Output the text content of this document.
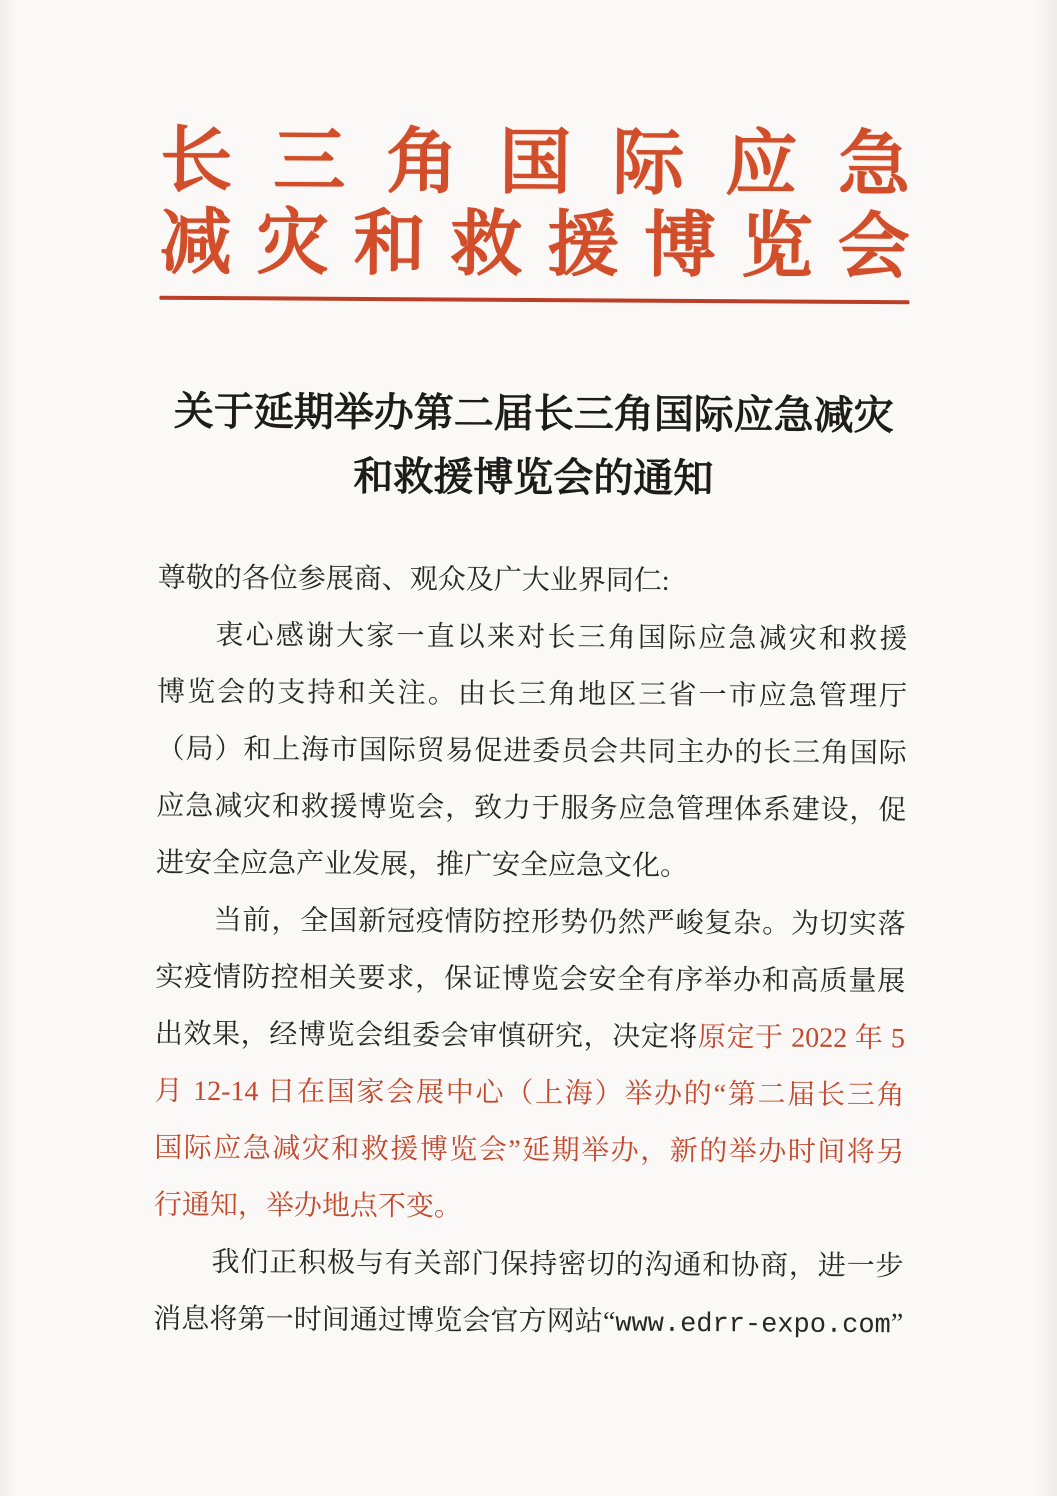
长 三 角 国 际 应 急
减 灾 和 救 援 博 览 会
关于延期举办第二届长三角国际应急减灾
和救援博览会的通知
尊敬的各位参展商、观众及广大业界同仁:
衷心感谢大家一直以来对长三角国际应急减灾和救援
博览会的支持和关注。由长三角地区三省一市应急管理厅
（局）和上海市国际贸易促进委员会共同主办的长三角国际
应急减灾和救援博览会，致力于服务应急管理体系建设，促
进安全应急产业发展，推广安全应急文化。
当前，全国新冠疫情防控形势仍然严峻复杂。为切实落
实疫情防控相关要求，保证博览会安全有序举办和高质量展
出效果，经博览会组委会审慎研究，决定将原定于 2022 年 5
月 12-14 日在国家会展中心（上海）举办的“第二届长三角
国际应急减灾和救援博览会”延期举办，新的举办时间将另
行通知，举办地点不变。
我们正积极与有关部门保持密切的沟通和协商，进一步
消息将第一时间通过博览会官方网站“www.edrr-expo.com”
